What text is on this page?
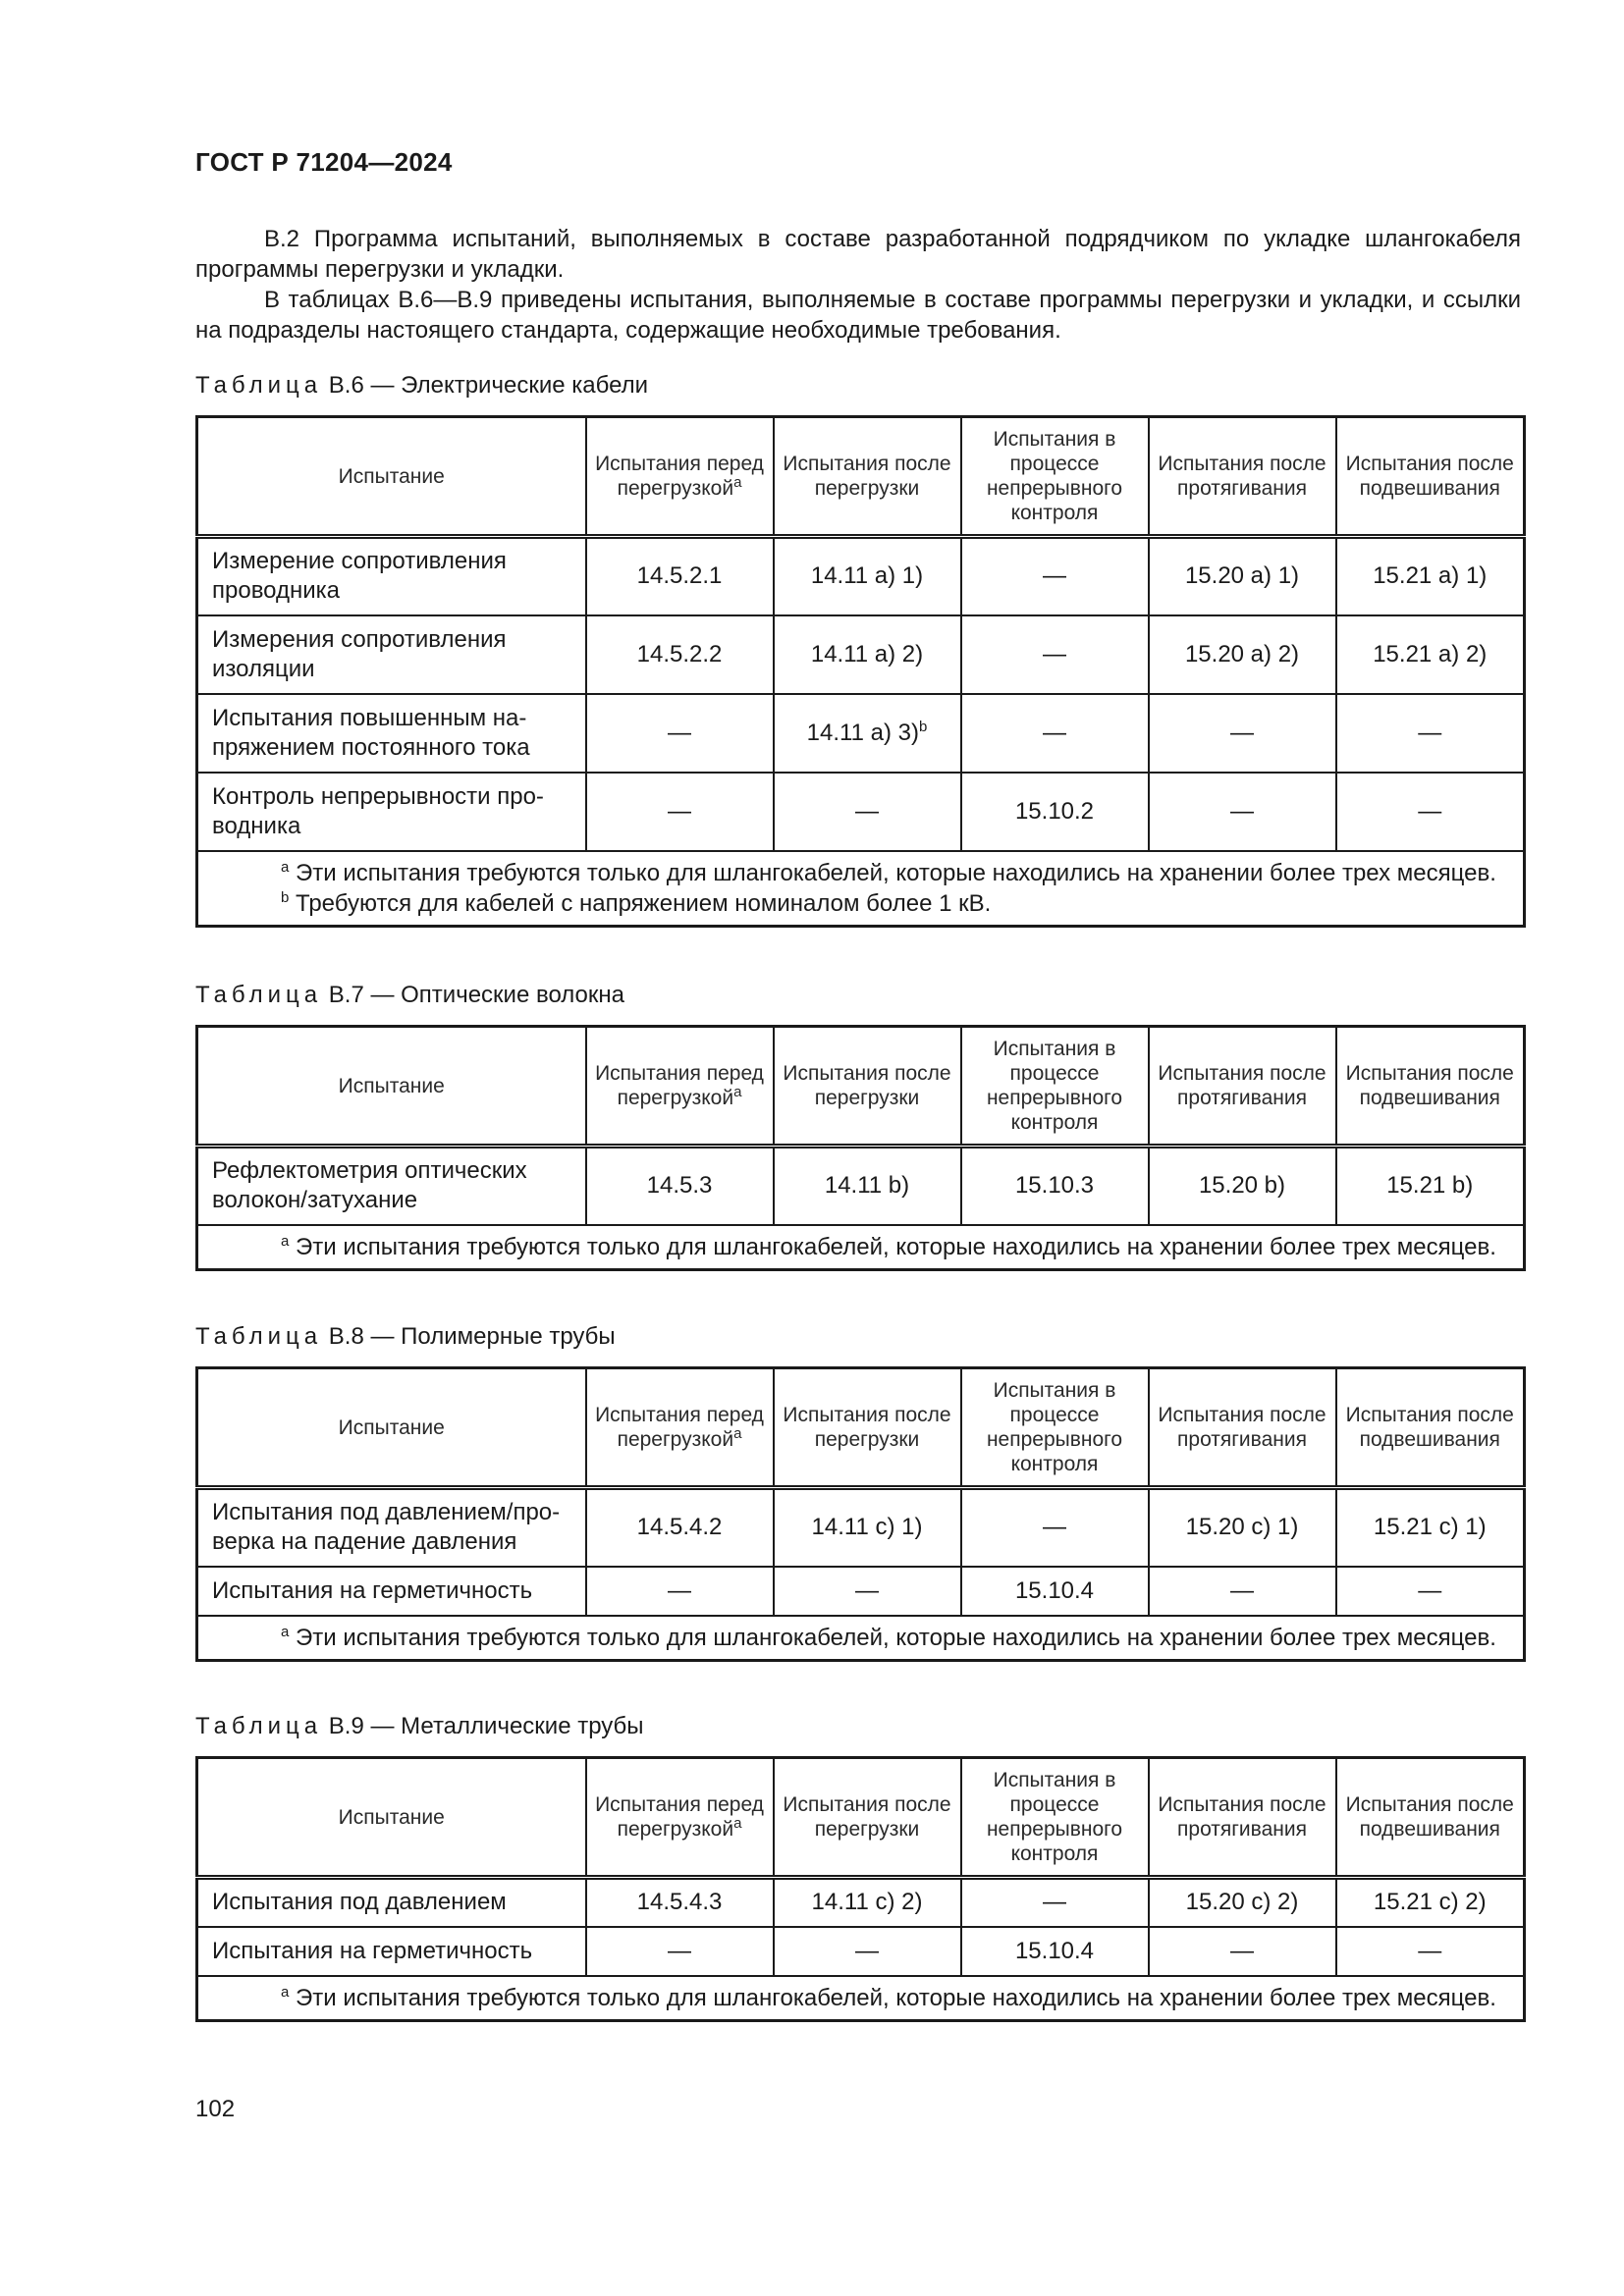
ГОСТ Р 71204—2024

В.2 Программа испытаний, выполняемых в составе разработанной подрядчиком по укладке шлангокабеля программы перегрузки и укладки.

В таблицах В.6—В.9 приведены испытания, выполняемые в составе программы перегрузки и укладки, и ссылки на подразделы настоящего стандарта, содержащие необходимые требования.

Таблица В.6 — Электрические кабели
Испытание	Испытания перед перегрузкой$^a$	Испытания после перегрузки	Испытания в процессе непрерывного контроля	Испытания после протягивания	Испытания после подвешивания
Измерение сопротивления проводника	14.5.2.1	14.11 a) 1)	—	15.20 a) 1)	15.21 a) 1)
Измерения сопротивления изоляции	14.5.2.2	14.11 a) 2)	—	15.20 a) 2)	15.21 a) 2)
Испытания повышенным на- пряжением постоянного тока	—	14.11 a) 3)$^b$	—	—	—
Контроль непрерывности про- водника	—	—	15.10.2	—	—

$^a$ Эти испытания требуются только для шлангокабелей, которые находились на хранении более трех месяцев.
$^b$ Требуются для кабелей с напряжением номиналом более 1 кВ.					
Таблица В.7 — Оптические волокна
Испытание	Испытания перед перегрузкой$^a$	Испытания после перегрузки	Испытания в процессе непрерывного контроля	Испытания после протягивания	Испытания после подвешивания
Рефлектометрия оптических волокон/затухание	14.5.3	14.11 b)	15.10.3	15.20 b)	15.21 b)

$^a$ Эти испытания требуются только для шлангокабелей, которые находились на хранении более трех месяцев.					
Таблица В.8 — Полимерные трубы
Испытание	Испытания перед перегрузкой$^a$	Испытания после перегрузки	Испытания в процессе непрерывного контроля	Испытания после протягивания	Испытания после подвешивания
Испытания под давлением/про- верка на падение давления	14.5.4.2	14.11 c) 1)	—	15.20 c) 1)	15.21 c) 1)
Испытания на герметичность	—	—	15.10.4	—	—

$^a$ Эти испытания требуются только для шлангокабелей, которые находились на хранении более трех месяцев.					
Таблица В.9 — Металлические трубы
Испытание	Испытания перед перегрузкой$^a$	Испытания после перегрузки	Испытания в процессе непрерывного контроля	Испытания после протягивания	Испытания после подвешивания
Испытания под давлением	14.5.4.3	14.11 c) 2)	—	15.20 c) 2)	15.21 c) 2)
Испытания на герметичность	—	—	15.10.4	—	—

$^a$ Эти испытания требуются только для шлангокабелей, которые находились на хранении более трех месяцев.					
102
